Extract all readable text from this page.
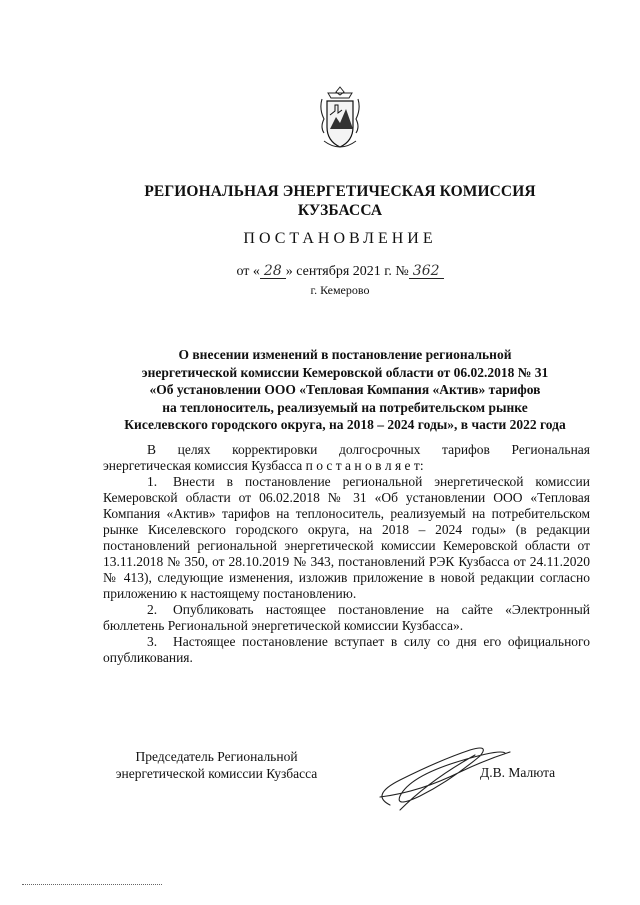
РЕГИОНАЛЬНАЯ ЭНЕРГЕТИЧЕСКАЯ КОМИССИЯ
КУЗБАССА
ПОСТАНОВЛЕНИЕ
от « 28 » сентября 2021 г. № 362
г. Кемерово
О внесении изменений в постановление региональной
энергетической комиссии Кемеровской области от 06.02.2018 № 31
«Об установлении ООО «Тепловая Компания «Актив» тарифов
на теплоноситель, реализуемый на потребительском рынке
Киселевского городского округа, на 2018 – 2024 годы», в части 2022 года

В целях корректировки долгосрочных тарифов Региональная энергетическая комиссия Кузбасса п о с т а н о в л я е т:

1. Внести в постановление региональной энергетической комиссии Кемеровской области от 06.02.2018 № 31 «Об установлении ООО «Тепловая Компания «Актив» тарифов на теплоноситель, реализуемый на потребительском рынке Киселевского городского округа, на 2018 – 2024 годы» (в редакции постановлений региональной энергетической комиссии Кемеровской области от 13.11.2018 № 350, от 28.10.2019 № 343, постановлений РЭК Кузбасса от 24.11.2020 № 413), следующие изменения, изложив приложение в новой редакции согласно приложению к настоящему постановлению.

2. Опубликовать настоящее постановление на сайте «Электронный бюллетень Региональной энергетической комиссии Кузбасса».

3. Настоящее постановление вступает в силу со дня его официального опубликования.

Председатель Региональной
энергетической комиссии Кузбасса	Д.В. Малюта
